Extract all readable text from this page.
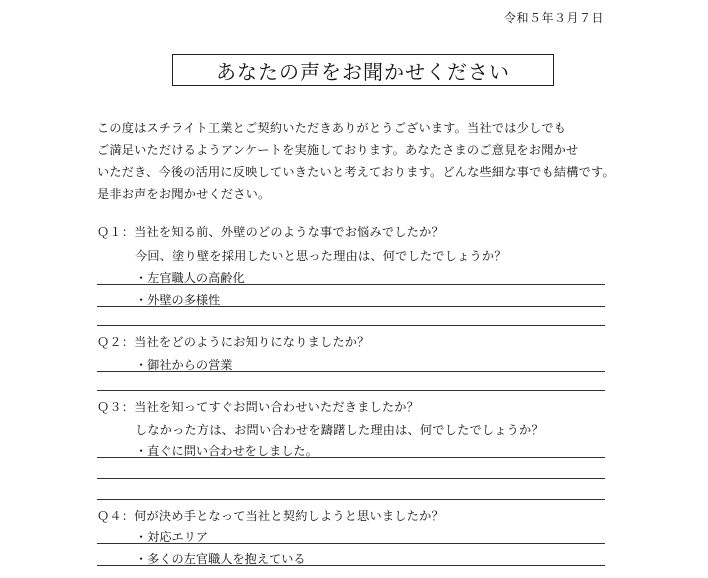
令和５年３月７日
あなたの声をお聞かせください

この度はスチライト工業とご契約いただきありがとうございます。当社では少しでも

ご満足いただけるようアンケートを実施しております。あなたさまのご意見をお聞かせ

いただき、今後の活用に反映していきたいと考えております。どんな些細な事でも結構です。

是非お声をお聞かせください。

Ｑ１：当社を知る前、外壁のどのような事でお悩みでしたか？
今回、塗り壁を採用したいと思った理由は、何でしたでしょうか？
・左官職人の高齢化
・外壁の多様性
Ｑ２：当社をどのようにお知りになりましたか？
・御社からの営業
Ｑ３：当社を知ってすぐお問い合わせいただきましたか？
しなかった方は、お問い合わせを躊躇した理由は、何でしたでしょうか？
・直ぐに問い合わせをしました。
Ｑ４：何が決め手となって当社と契約しようと思いましたか？
・対応エリア
・多くの左官職人を抱えている
